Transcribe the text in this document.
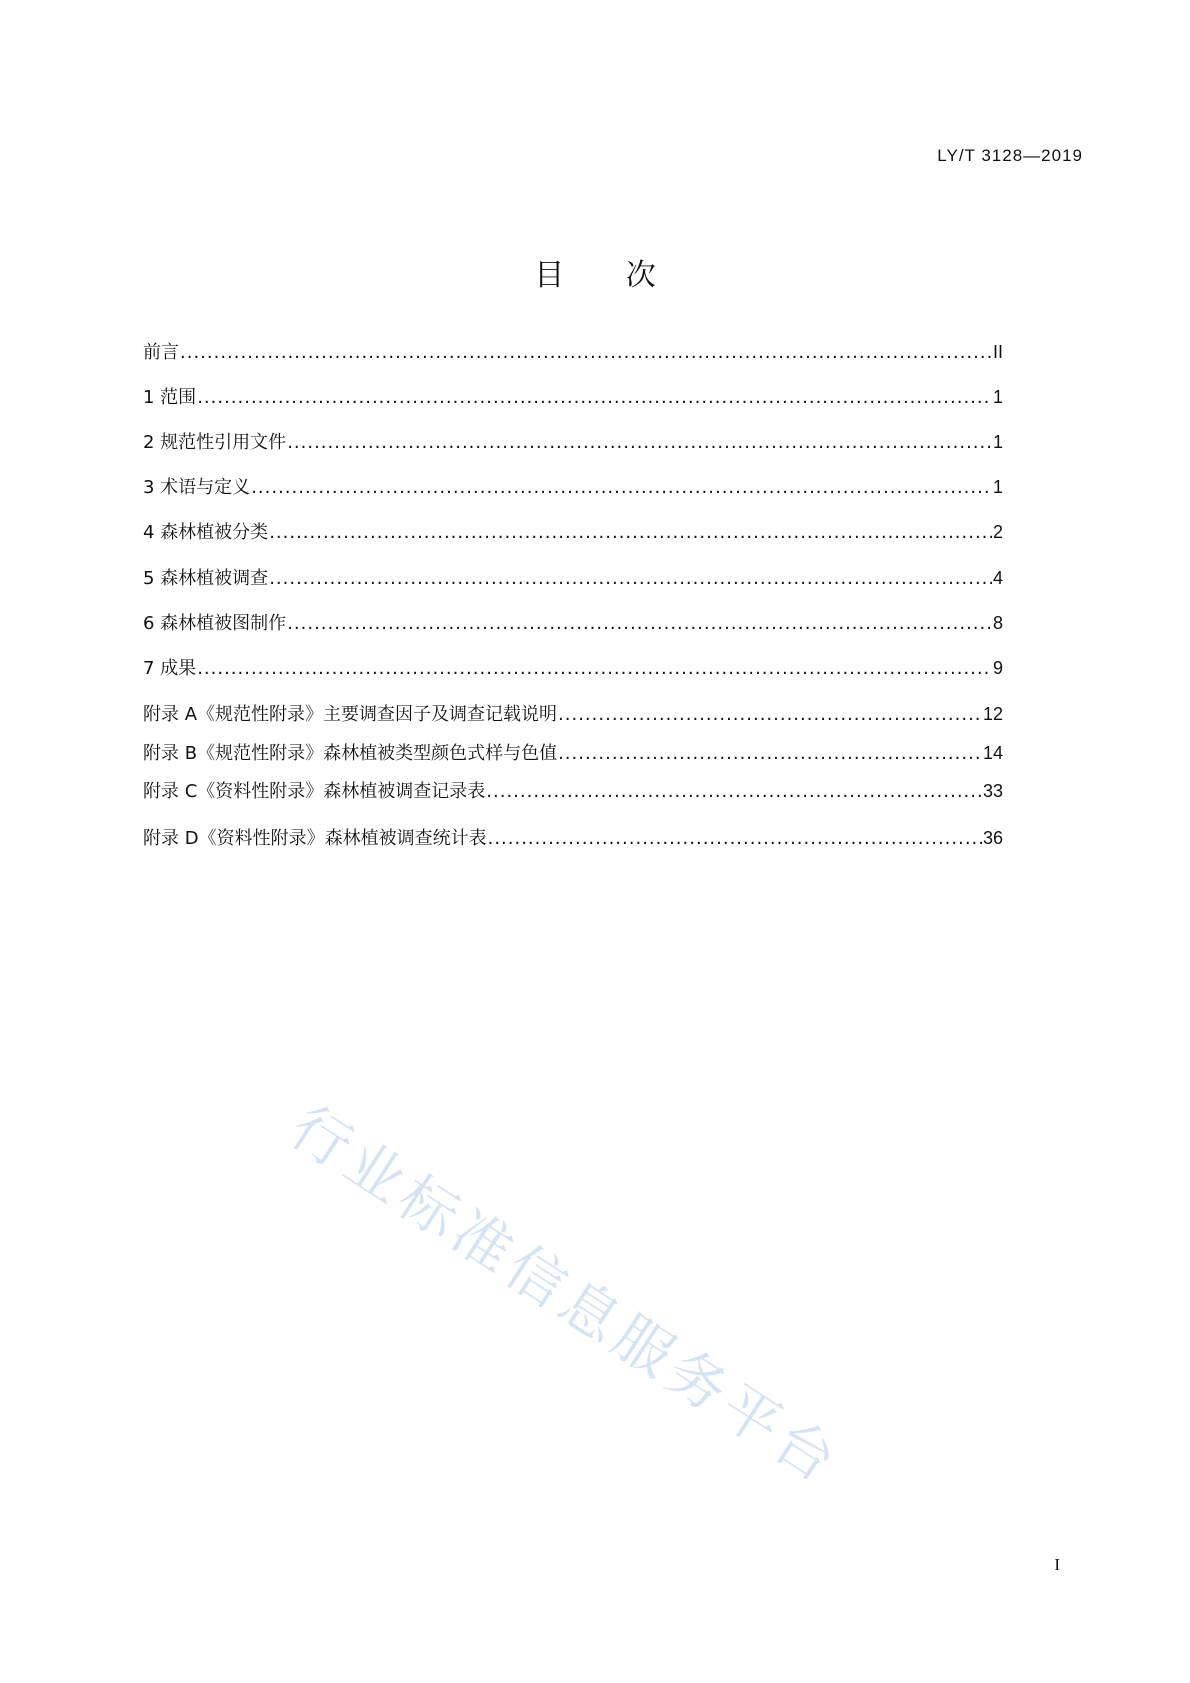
LY/T 3128—2019
目 次
前言 .....	II
1 范围 .....	1
2 规范性引用文件 .....	1
3 术语与定义 .....	1
4 森林植被分类 .....	2
5 森林植被调查 .....	4
6 森林植被图制作 .....	8
7 成果 .....	9
附录 A《规范性附录》主要调查因子及调查记载说明 .....	12
附录 B《规范性附录》森林植被类型颜色式样与色值 .....	14
附录 C《资料性附录》森林植被调查记录表 .....	33
附录 D《资料性附录》森林植被调查统计表 .....	36
行业标准信息服务平台
I
